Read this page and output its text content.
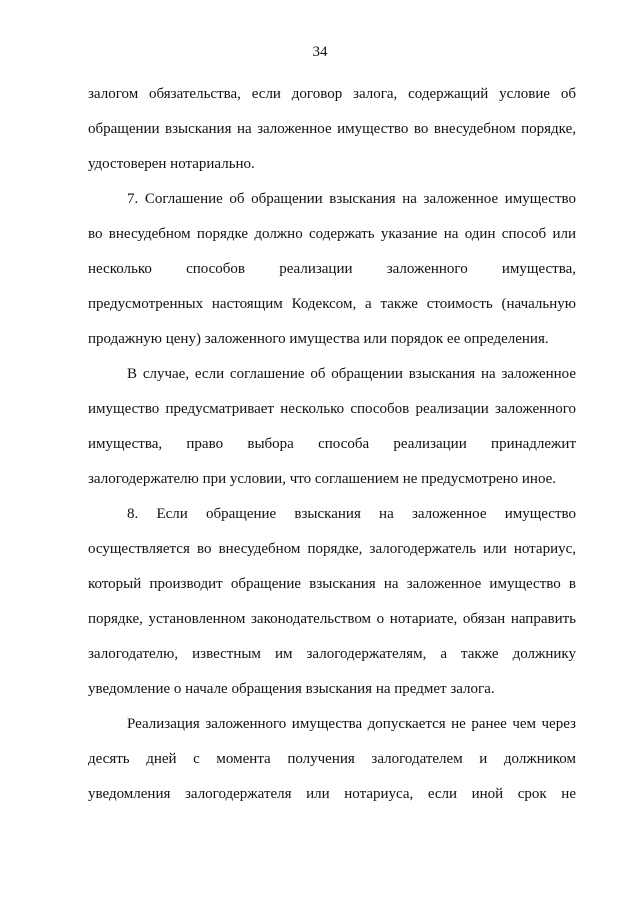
34
залогом обязательства, если договор залога, содержащий условие об
обращении взыскания на заложенное имущество во внесудебном порядке,
удостоверен нотариально.
7. Соглашение об обращении взыскания на заложенное имущество
во внесудебном порядке должно содержать указание на один способ или
несколько способов реализации заложенного имущества,
предусмотренных настоящим Кодексом, а также стоимость (начальную
продажную цену) заложенного имущества или порядок ее определения.
В случае, если соглашение об обращении взыскания на заложенное
имущество предусматривает несколько способов реализации заложенного
имущества, право выбора способа реализации принадлежит
залогодержателю при условии, что соглашением не предусмотрено иное.
8. Если обращение взыскания на заложенное имущество
осуществляется во внесудебном порядке, залогодержатель или нотариус,
который производит обращение взыскания на заложенное имущество в
порядке, установленном законодательством о нотариате, обязан направить
залогодателю, известным им залогодержателям, а также должнику
уведомление о начале обращения взыскания на предмет залога.
Реализация заложенного имущества допускается не ранее чем через
десять дней с момента получения залогодателем и должником
уведомления залогодержателя или нотариуса, если иной срок не
